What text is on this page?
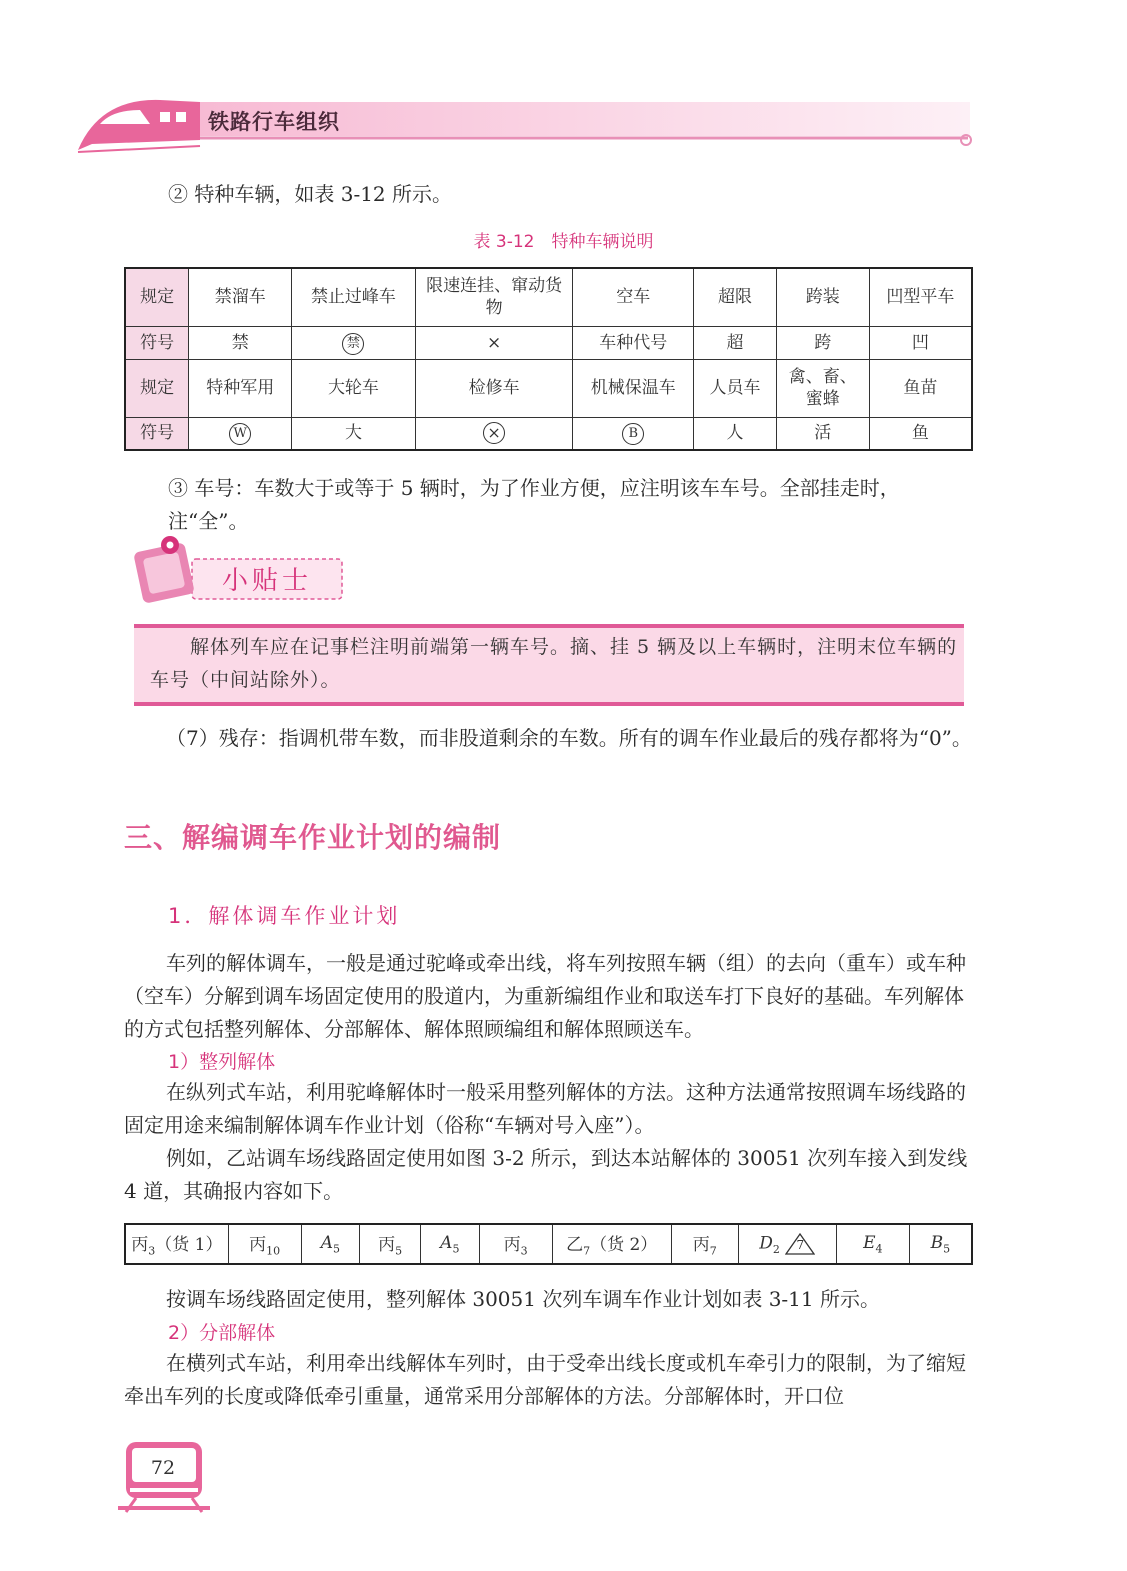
铁路行车组织
② 特种车辆，如表 3-12 所示。
表 3-12　特种车辆说明
规定	禁溜车	禁止过峰车	限速连挂、窜动货物	空车	超限	跨装	凹型平车
符号	禁	禁	×	车种代号	超	跨	凹
规定	特种军用	大轮车	检修车	机械保温车	人员车	禽、畜、蜜蜂	鱼苗
符号	W	大	×	B	人	活	鱼
③ 车号：车数大于或等于 5 辆时，为了作业方便，应注明该车车号。全部挂走时，注“全”。
小贴士
解体列车应在记事栏注明前端第一辆车号。摘、挂 5 辆及以上车辆时，注明末位车辆的车号（中间站除外）。
（7）残存：指调机带车数，而非股道剩余的车数。所有的调车作业最后的残存都将为“0”。
三、解编调车作业计划的编制
1．解体调车作业计划
车列的解体调车，一般是通过驼峰或牵出线，将车列按照车辆（组）的去向（重车）或车种（空车）分解到调车场固定使用的股道内，为重新编组作业和取送车打下良好的基础。车列解体的方式包括整列解体、分部解体、解体照顾编组和解体照顾送车。
1）整列解体
在纵列式车站，利用驼峰解体时一般采用整列解体的方法。这种方法通常按照调车场线路的固定用途来编制解体调车作业计划（俗称“车辆对号入座”）。
例如，乙站调车场线路固定使用如图 3-2 所示，到达本站解体的 30051 次列车接入到发线 4 道，其确报内容如下。
丙$_3$（货 1）	丙$_{10}$	$A_5$	丙$_5$	$A_5$	丙$_3$	乙$_7$（货 2）	丙$_7$	$D_2$	7	$E_4$	$B_5$
按调车场线路固定使用，整列解体 30051 次列车调车作业计划如表 3-11 所示。
2）分部解体
在横列式车站，利用牵出线解体车列时，由于受牵出线长度或机车牵引力的限制，为了缩短牵出车列的长度或降低牵引重量，通常采用分部解体的方法。分部解体时，开口位
72
